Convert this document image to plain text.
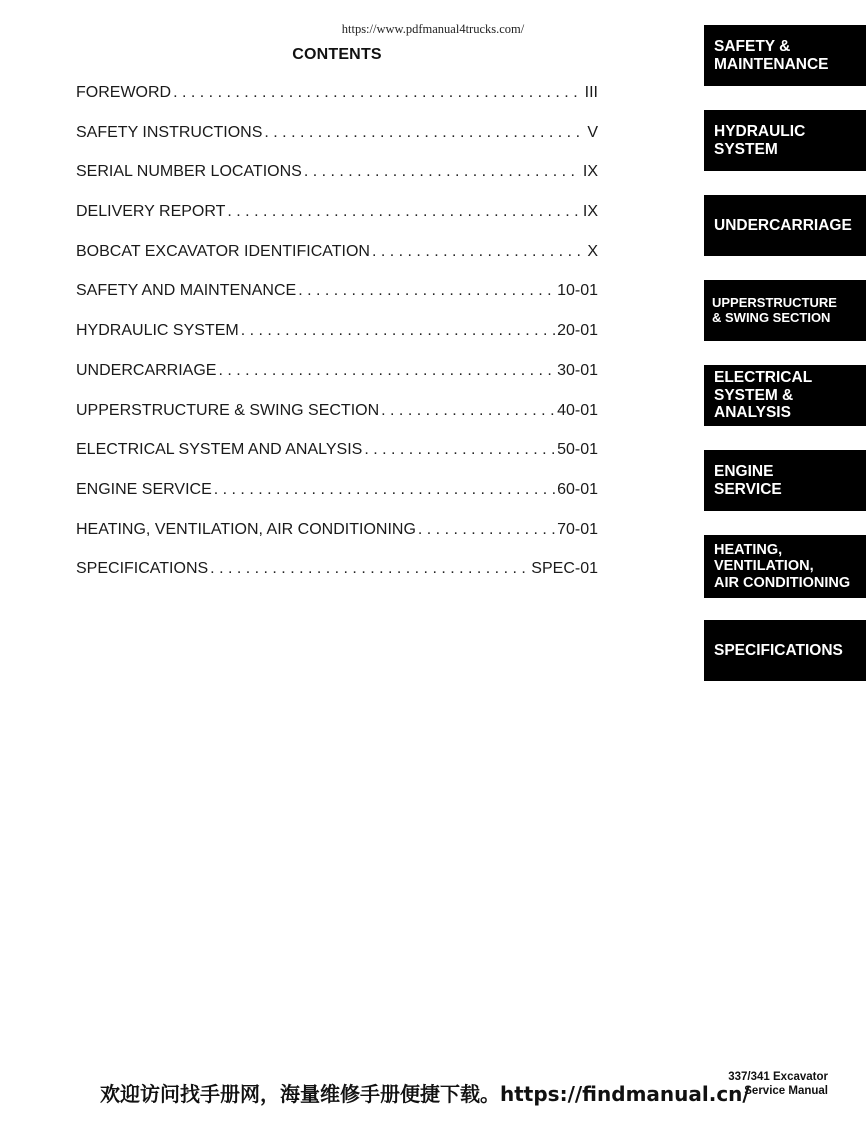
https://www.pdfmanual4trucks.com/
CONTENTS
FOREWORD . . .	III
SAFETY INSTRUCTIONS . . .	V
SERIAL NUMBER LOCATIONS . . .	IX
DELIVERY REPORT . . .	IX
BOBCAT EXCAVATOR IDENTIFICATION . . .	X
SAFETY AND MAINTENANCE . . .	10-01
HYDRAULIC SYSTEM . . .	20-01
UNDERCARRIAGE . . .	30-01
UPPERSTRUCTURE & SWING SECTION . . .	40-01
ELECTRICAL SYSTEM AND ANALYSIS . . .	50-01
ENGINE SERVICE . . .	60-01
HEATING, VENTILATION, AIR CONDITIONING . . .	70-01
SPECIFICATIONS . . .	SPEC-01
SAFETY &
MAINTENANCE
HYDRAULIC
SYSTEM
UNDERCARRIAGE
UPPERSTRUCTURE
& SWING SECTION
ELECTRICAL
SYSTEM &
ANALYSIS
ENGINE
SERVICE
HEATING,
VENTILATION,
AIR CONDITIONING
SPECIFICATIONS
337/341 Excavator
Service Manual
欢迎访问找手册网，海量维修手册便捷下载。https://findmanual.cn/
